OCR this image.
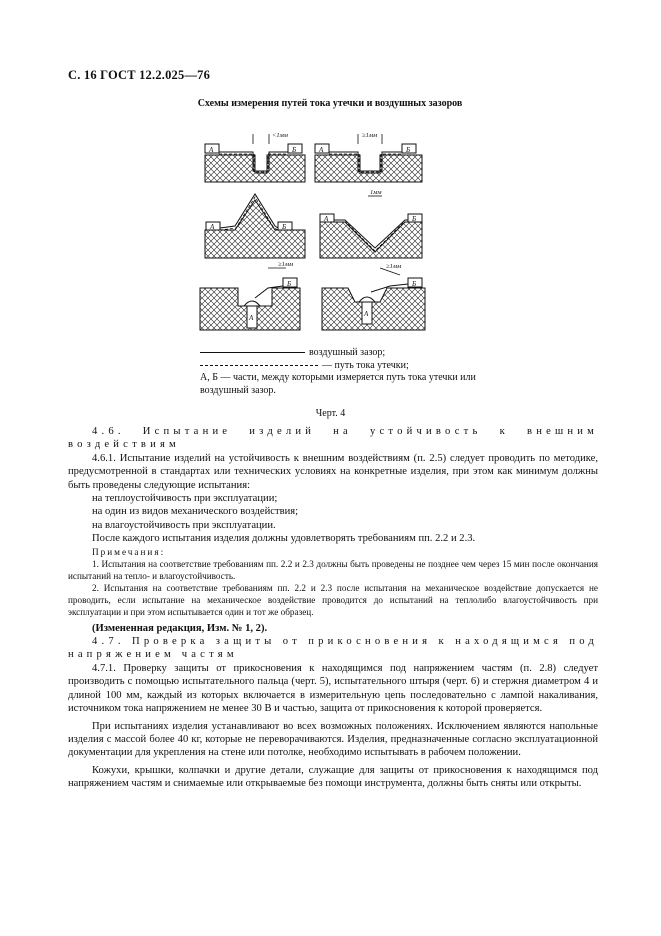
С. 16 ГОСТ 12.2.025—76
Схемы измерения путей тока утечки и воздушных зазоров
<1мм	≥1мм
1мм
≥1мм	≥1мм
А	Б	А	Б
А	Б
А	Б
Б	Б
А	А
воздушный зазор;
— путь тока утечки;
А, Б — части, между которыми измеряется путь тока утечки или воздушный зазор.
Черт. 4

4.6. Испытание изделий на устойчивость к внешним воздействиям

4.6.1. Испытание изделий на устойчивость к внешним воздействиям (п. 2.5) следует проводить по методике, предусмотренной в стандартах или технических условиях на конкретные изделия, при этом как минимум должны быть проведены следующие испытания:

на теплоустойчивость при эксплуатации;

на один из видов механического воздействия;

на влагоустойчивость при эксплуатации.

После каждого испытания изделия должны удовлетворять требованиям пп. 2.2 и 2.3.

Примечания:

1. Испытания на соответствие требованиям пп. 2.2 и 2.3 должны быть проведены не позднее чем через 15 мин после окончания испытаний на тепло- и влагоустойчивость.

2. Испытания на соответствие требованиям пп. 2.2 и 2.3 после испытания на механическое воздействие допускается не проводить, если испытание на механическое воздействие проводится до испытаний на теплолибо влагоустойчивость при эксплуатации и при этом испытывается один и тот же образец.

(Измененная редакция, Изм. № 1, 2).

4.7. Проверка защиты от прикосновения к находящимся под напряжением частям

4.7.1. Проверку защиты от прикосновения к находящимся под напряжением частям (п. 2.8) следует производить с помощью испытательного пальца (черт. 5), испытательного штыря (черт. 6) и стержня диаметром 4 и длиной 100 мм, каждый из которых включается в измерительную цепь последовательно с лампой накаливания, источником тока напряжением не менее 30 В и частью, защита от прикосновения к которой проверяется.

При испытаниях изделия устанавливают во всех возможных положениях. Исключением являются напольные изделия с массой более 40 кг, которые не переворачиваются. Изделия, предназначенные согласно эксплуатационной документации для укрепления на стене или потолке, необходимо испытывать в рабочем положении.

Кожухи, крышки, колпачки и другие детали, служащие для защиты от прикосновения к находящимся под напряжением частям и снимаемые или открываемые без помощи инструмента, должны быть сняты или открыты.
